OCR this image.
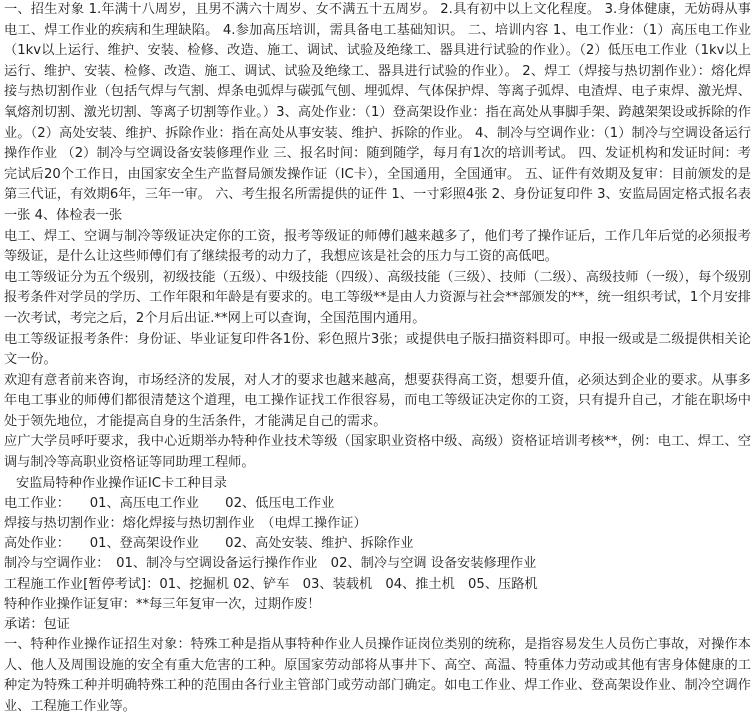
一、招生对象 1.年满十八周岁，且男不满六十周岁、女不满五十五周岁。 2.具有初中以上文化程度。 3.身体健康，无妨碍从事电工、焊工作业的疾病和生理缺陷。 4.参加高压培训，需具备电工基础知识。 二、培训内容 1、电工作业：（1）高压电工作业（1kv以上运行、维护、安装、检修、改造、施工、调试、试验及绝缘工、器具进行试验的作业）。（2）低压电工作业（1kv以上运行、维护、安装、检修、改造、施工、调试、试验及绝缘工、器具进行试验的作业）。 2、焊工（焊接与热切割作业）：熔化焊接与热切割作业（包括气焊与气割、焊条电弧焊与碳弧气刨、埋弧焊、气体保护焊、等离子弧焊、电渣焊、电子束焊、激光焊、氧熔剂切割、激光切割、等离子切割等作业。）3、高处作业：（1）登高架设作业：指在高处从事脚手架、跨越架架设或拆除的作业。（2）高处安装、维护、拆除作业：指在高处从事安装、维护、拆除的作业。 4、制冷与空调作业：（1）制冷与空调设备运行操作作业 （2）制冷与空调设备安装修理作业 三、报名时间：随到随学，每月有1次的培训考试。 四、发证机构和发证时间：考完试后20个工作日，由国家安全生产监督局颁发操作证（IC卡），全国通用，全国通审。 五、证件有效期及复审：目前颁发的是第三代证，有效期6年，三年一审。 六、考生报名所需提供的证件 1、一寸彩照4张 2、身份证复印件 3、安监局固定格式报名表一张 4、体检表一张

电工、焊工、空调与制冷等级证决定你的工资，报考等级证的师傅们越来越多了，他们考了操作证后，工作几年后觉的必须报考等级证，是什么让这些师傅们有了继续报考的动力了，我想应该是社会的压力与工资的高低吧。

电工等级证分为五个级别，初级技能（五级）、中级技能（四级）、高级技能（三级）、技师（二级）、高级技师（一级），每个级别报考条件对学员的学历、工作年限和年龄是有要求的。电工等级**是由人力资源与社会**部颁发的**，统一组织考试，1个月安排一次考试，考完之后，2个月后出证.**网上可以查询，全国范围内通用。

电工等级证报考条件：身份证、毕业证复印件各1份、彩色照片3张；或提供电子版扫描资料即可。申报一级或是二级提供相关论文一份。

欢迎有意者前来咨询，市场经济的发展，对人才的要求也越来越高，想要获得高工资，想要升值，必须达到企业的要求。从事多年电工事业的师傅们都很清楚这个道理，电工操作证找工作很容易，而电工等级证决定你的工资，只有提升自己，才能在职场中处于领先地位，才能提高自身的生活条件，才能满足自己的需求。

应广大学员呼吁要求，我中心近期举办特种作业技术等级（国家职业资格中级、高级）资格证培训考核**，例：电工、焊工、空调与制冷等高职业资格证等同助理工程师。

安监局特种作业操作证IC卡工种目录
电工作业：　　01、高压电工作业　　02、低压电工作业
焊接与热切割作业：熔化焊接与热切割作业　（电焊工操作证）
高处作业：　　01、登高架设作业　　02、高处安装、维护、拆除作业
制冷与空调作业：　01、制冷与空调设备运行操作作业　02、制冷与空调 设备安装修理作业
工程施工作业[暂停考试]：01、挖掘机 02、铲车　03、装载机　04、推土机　05、压路机
特种作业操作证复审：**每三年复审一次，过期作废！
承诺：包证

一、特种作业操作证招生对象：特殊工种是指从事特种作业人员操作证岗位类别的统称，是指容易发生人员伤亡事故，对操作本人、他人及周围设施的安全有重大危害的工种。原国家劳动部将从事井下、高空、高温、特重体力劳动或其他有害身体健康的工种定为特殊工种并明确特殊工种的范围由各行业主管部门或劳动部门确定。如电工作业、焊工作业、登高架设作业、制冷空调作业、工程施工作业等。
